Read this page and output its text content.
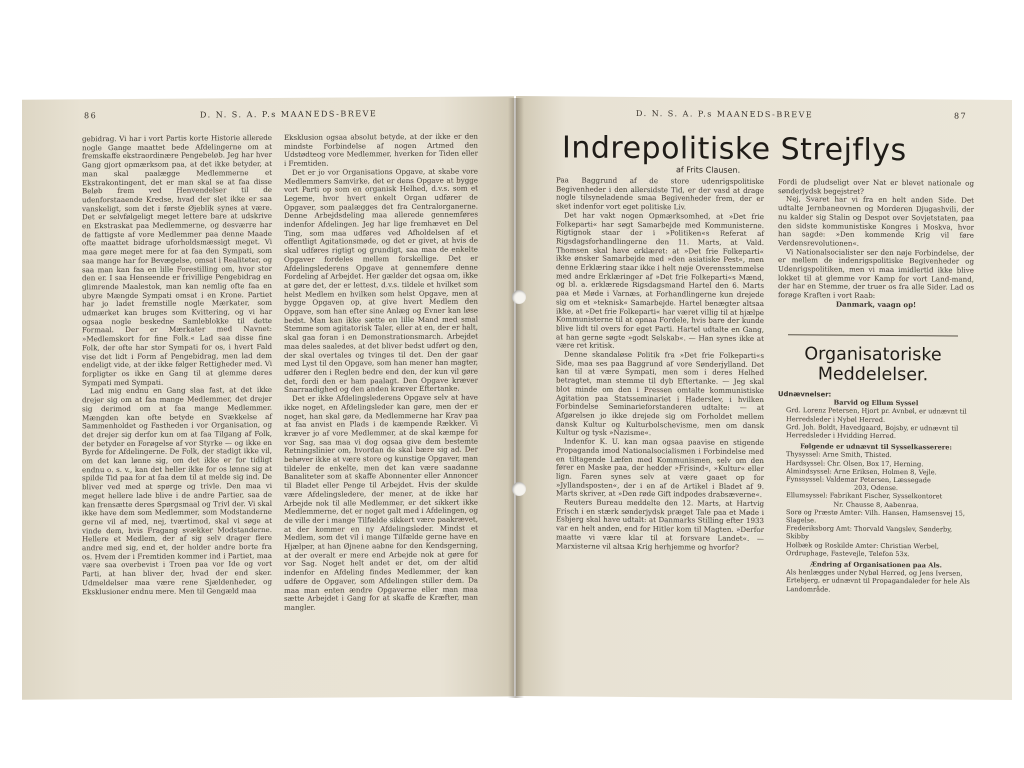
86	D. N. S. A. P.s MAANEDS-BREVE

gebidrag. Vi har i vort Partis korte Historie allerede nogle Gange maattet bede Afdelingerne om at fremskaffe ekstraordinære Pengebeløb. Jeg har hver Gang gjort opmærksom paa, at det ikke betyder, at man skal paalægge Medlemmerne et Ekstrakontingent, det er man skal se at faa disse Beløb frem ved Henvendelser til de udenforstaaende Kredse, hvad der slet ikke er saa vanskeligt, som det i første Øjeblik synes at være. Det er selvfølgeligt meget lettere bare at udskrive en Ekstraskat paa Medlemmerne, og desværre har de fattigste af vore Medlemmer paa denne Maade ofte maattet bidrage uforholdsmæssigt meget. Vi maa gøre meget mere for at faa den Sympati, som saa mange har for Bevægelse, omsat i Realiteter, og saa man kan faa en lille Forestilling om, hvor stor den er. I saa Henseende er frivillige Pengebidrag en glimrende Maalestok, man kan nemlig ofte faa en ubyre Mængde Sympati omsat i en Krone. Partiet har jo ladet fremstille nogle Mærkater, som udmærket kan bruges som Kvittering, og vi har ogsaa nogle beskedne Samleblokke til dette Formaal. Der er Mærkater med Navnet: »Medlemskort for fine Folk.« Lad saa disse fine Folk, der ofte har stor Sympati for os, i hvert Fald vise det lidt i Form af Pengebidrag, men lad dem endeligt vide, at der ikke følger Rettigheder med. Vi forpligter os ikke en Gang til at glemme deres Sympati med Sympati.

Lad mig endnu en Gang slaa fast, at det ikke drejer sig om at faa mange Medlemmer, det drejer sig derimod om at faa mange Medlemmer. Mængden kan ofte betyde en Svækkelse af Sammenholdet og Fastheden i vor Organisation, og det drejer sig derfor kun om at faa Tilgang af Folk, der betyder en Forøgelse af vor Styrke — og ikke en Byrde for Afdelingerne. De Folk, der stadigt ikke vil, om det kan lønne sig, om det ikke er for tidligt endnu o. s. v., kan det heller ikke for os lønne sig at spilde Tid paa for at faa dem til at melde sig ind. De bliver ved med at spørge og trivle. Den maa vi meget hellere lade blive i de andre Partier, saa de kan frensætte deres Spørgsmaal og Trivl der. Vi skal ikke have dem som Medlemmer, som Modstanderne gerne vil af med, nej, tværtimod, skal vi søge at vinde dem, hvis Fragang svækker Modstanderne. Hellere et Medlem, der af sig selv drager flere andre med sig, end et, der holder andre borte fra os. Hvem der i Fremtiden kommer ind i Partiet, maa være saa overbevist i Troen paa vor Ide og vort Parti, at han bliver der, hvad der end sker. Udmeldelser maa være rene Sjældenheder, og Eksklusioner endnu mere. Men til Gengæld maa

Eksklusion ogsaa absolut betyde, at der ikke er den mindste Forbindelse af nogen Artmed den Udstødteog vore Medlemmer, hverken for Tiden eller i Fremtiden.

Det er jo vor Organisations Opgave, at skabe vore Medlemmers Samvirke, det er dens Opgave at bygge vort Parti op som en organisk Helhed, d.v.s. som et Legeme, hvor hvert enkelt Organ udfører de Opgaver, som paalægges det fra Centralorganerne. Denne Arbejdsdeling maa allerede gennemføres indenfor Afdelingen. Jeg har lige fremhævet en Del Ting, som maa udføres ved Afholdelsen af et offentligt Agitationsmøde, og det er givet, at hvis de skal udføres rigtigt og grundigt, saa maa de enkelte Opgaver fordeles mellem forskellige. Det er Afdelingslederens Opgave at gennemføre denne Fordeling af Arbejdet. Her gælder det ogsaa om, ikke at gøre det, der er lettest, d.v.s. tildele et hvilket som helst Medlem en hvilken som helst Opgave, men at bygge Opgaven op, at give hvert Medlem den Opgave, som han efter sine Anlæg og Evner kan løse bedst. Man kan ikke sætte en lille Mand med smal Stemme som agitatorisk Taler, eller at en, der er halt, skal gaa foran i en Demonstrationsmarch. Arbejdet maa deles saaledes, at det bliver bedst udført og den, der skal overtales og tvinges til det. Den der gaar med Lyst til den Opgave, som han mener han magter, udfører den i Reglen bedre end den, der kun vil gøre det, fordi den er ham paalagt. Den Opgave kræver Snarraadighed og den anden kræver Eftertanke.

Det er ikke Afdelingslederens Opgave selv at have ikke noget, en Afdelingsleder kan gøre, men der er noget, han skal gøre, da Medlemmerne har Krav paa at faa anvist en Plads i de kæmpende Rækker. Vi kræver jo af vore Medlemmer, at de skal kæmpe for vor Sag, saa maa vi dog ogsaa give dem bestemte Retningslinier om, hvordan de skal bære sig ad. Der behøver ikke at være store og kunstige Opgaver, man tildeler de enkelte, men det kan være saadanne Banaliteter som at skaffe Abonnenter eller Annoncer til Bladet eller Penge til Arbejdet. Hvis der skulde være Afdelingsledere, der mener, at de ikke har Arbejde nok til alle Medlemmer, er det sikkert ikke Medlemmerne, det er noget galt med i Afdelingen, og de ville der i mange Tilfælde sikkert være paakrævet, at der kommer en ny Afdelingsleder. Mindst et Medlem, som det vil i mange Tilfælde gerne have en Hjælper, at han Øjnene aabne for den Kendsgerning, at der overalt er mere end Arbejde nok at gøre for vor Sag. Noget helt andet er det, om der altid indenfor en Afdeling findes Medlemmer, der kan udføre de Opgaver, som Afdelingen stiller dem. Da maa man enten ændre Opgaverne eller man maa sætte Arbejdet i Gang for at skaffe de Kræfter, man mangler.

D. N. S. A. P.s MAANEDS-BREVE	87
Indrepolitiske Strejflys
af Frits Clausen.

Paa Baggrund af de store udenrigspolitiske Begivenheder i den allersidste Tid, er der vasd at drage nogle tilsyneladende smaa Begivenheder frem, der er sket indenfor vort eget politiske Liv.

Det har vakt nogen Opmærksomhed, at »Det frie Folkeparti« har søgt Samarbejde med Kommunisterne. Rigtignok staar der i »Politiken«s Referat af Rigsdagsforhandlingerne den 11. Marts, at Vald. Thomsen skal have erklæret: at »Det frie Folkeparti« ikke ønsker Samarbejde med »den asiatiske Pest«, men denne Erklæring staar ikke i helt nøje Overensstemmelse med andre Erklæringer af »Det frie Folkeparti«s Mænd, og bl. a. erklærede Rigsdagsmand Hartel den 6. Marts paa et Møde i Varnæs, at Forhandlingerne kun drejede sig om et »teknisk« Samarbejde. Hartel benægter altsaa ikke, at »Det frie Folkeparti« har været villig til at hjælpe Kommunisterne til at opnaa Fordele, hvis bare der kunde blive lidt til overs for eget Parti. Hartel udtalte en Gang, at han gerne søgte »godt Selskab«. — Han synes ikke at være ret kritisk.

Denne skandaløse Politik fra »Det frie Folkeparti«s Side, maa ses paa Baggrund af vore Sønderjylland. Det kan til at være Sympati, men som i deres Helhed betragtet, man stemme til dyb Eftertanke. — Jeg skal blot minde om den i Pressen omtalte kommunistiske Agitation paa Statsseminariet i Haderslev, i hvilken Forbindelse Seminarieforstanderen udtalte: — at Afgørelsen jo ikke drejede sig om Forholdet mellem dansk Kultur og Kulturbolschevisme, men om dansk Kultur og tysk »Nazisme«.

Indenfor K. U. kan man ogsaa paavise en stigende Propaganda imod Nationalsocialismen i Forbindelse med en tiltagende Læfen med Kommunismen, selv om den fører en Maske paa, der hedder »Frisind«, »Kultur« eller lign. Faren synes selv at være gaaet op for »Jyllandsposten«, der i en af de Artikel i Bladet af 9. Marts skriver, at »Den røde Gift indpodes drabsæverne«.

Reuters Bureau meddelte den 12. Marts, at Hartvig Frisch i en stærk sønderjydsk præget Tale paa et Møde i Esbjerg skal have udtalt: at Danmarks Stilling efter 1933 var en helt anden, end for Hitler kom til Magten. »Derfor maatte vi være klar til at forsvare Landet«. — Marxisterne vil altsaa Krig herhjemme og hvorfor?

Fordi de pludseligt over Nat er blevet nationale og sønderjydsk begejstret?

Nej, Svaret har vi fra en helt anden Side. Det udtalte Jernbaneovnen og Morderen Djugashvili, der nu kalder sig Stalin og Despot over Sovjetstaten, paa den sidste kommunistiske Kongres i Moskva, hvor han sagde: »Den kommende Krig vil føre Verdensrevolutionen«.

Vi Nationalsocialister ser den nøje Forbindelse, der er mellem de indenrigspolitiske Begivenheder og Udenrigspolitiken, men vi maa imidlertid ikke blive lokket til at glemme vor Kamp for vort Land-mand, der har en Stemme, der truer os fra alle Sider. Lad os forøge Kraften i vort Raab:

Danmark, vaagn op!

Organisatoriske
Meddelelser.
Udnævnelser:
Barvid og Ellum Syssel
Grd. Lorenz Petersen, Hjort pr. Avnbøl, er udnævnt til Herredsleder i Nybøl Herred.
Grd. Joh. Boldt, Havedgaard, Bojsby, er udnævnt til Herredsleder i Hvidding Herred.
Følgende er udnævnt til Sysselkasserere:
Thysyssel: Arne Smith, Thisted.
Hardsyssel: Chr. Olsen, Box 17, Herning.
Almindsyssel: Arne Eriksen, Holmen 8, Vejle.
Fynssyssel: Valdemar Petersen, Læssegade
203, Odense.
Ellumsyssel: Fabrikant Fischer, Sysselkontoret
Nr. Chausse 8, Aabenraa.
Sorø og Præstø Amter: Vilh. Hansen, Hamsensvej 15, Slagelse.
Frederiksborg Amt: Thorvald Vangslev, Sønderby, Skibby
Holbæk og Roskilde Amter: Christian Werbel, Ordruphage, Fastevejle, Telefon 53x.
Ændring af Organisationen paa Als.
Als henlægges under Nybøl Herred, og Jens Iversen, Ertebjerg, er udnævnt til Propagandaleder for hele Als Landområde.
